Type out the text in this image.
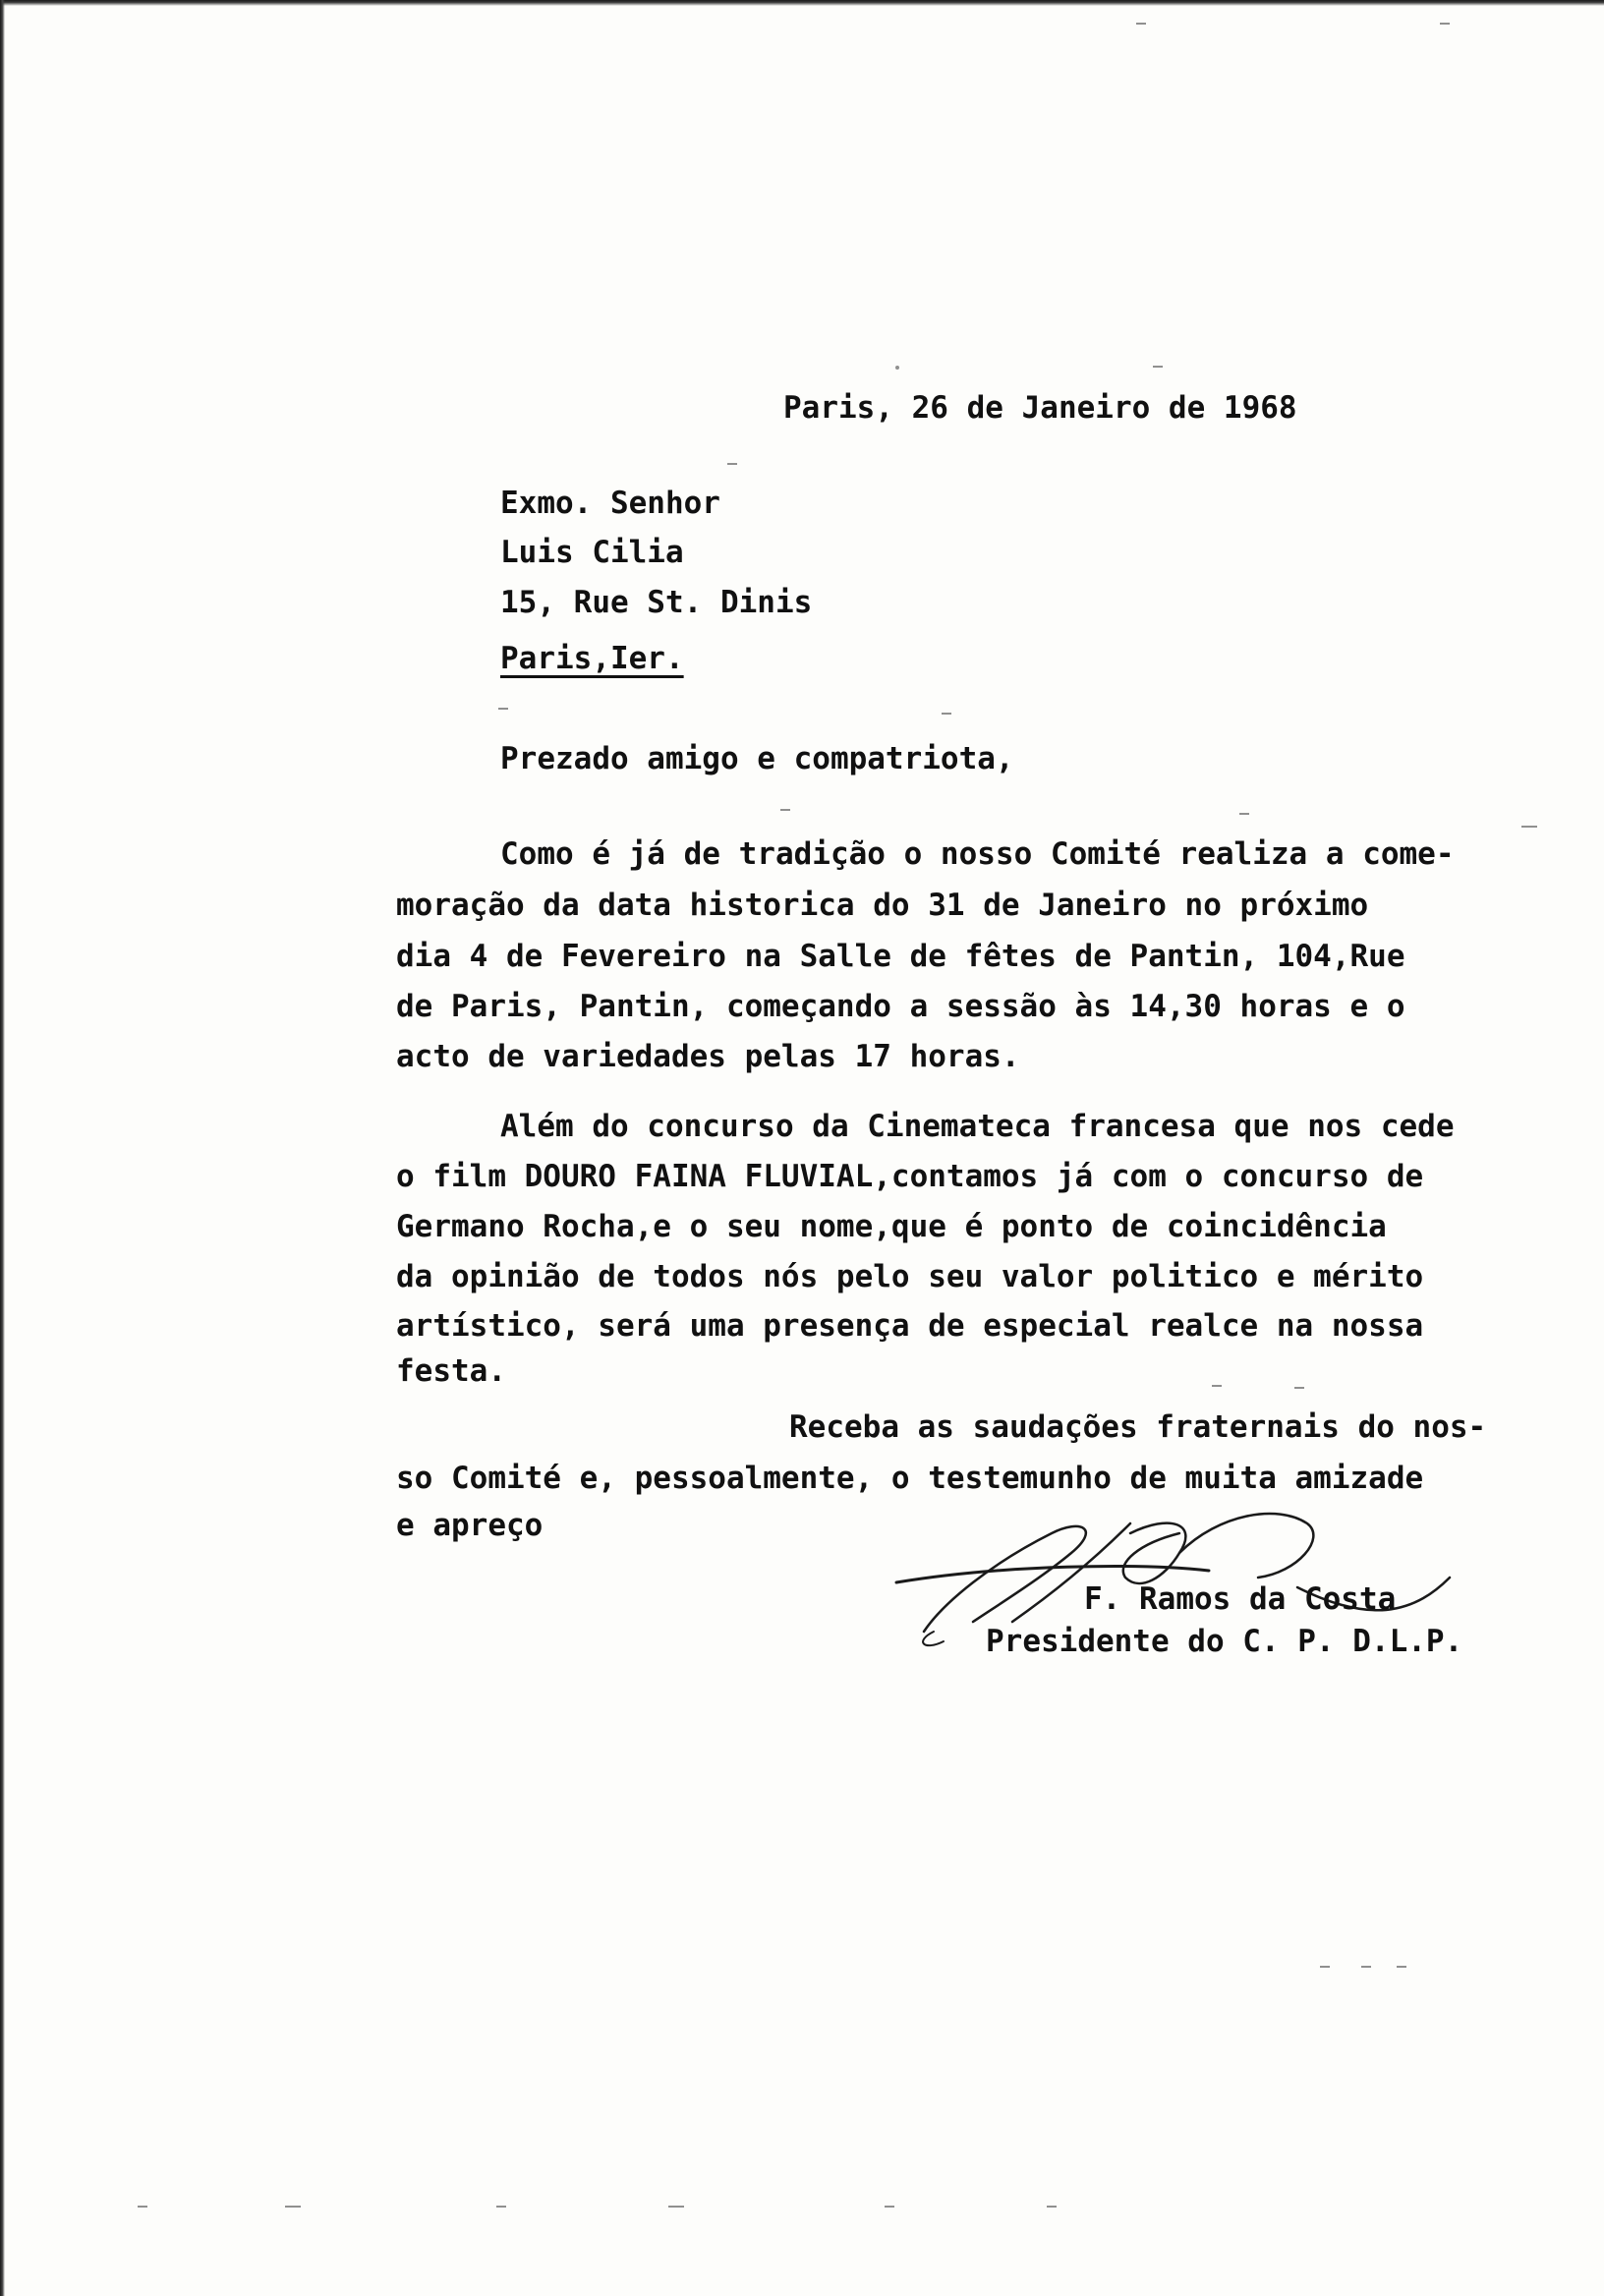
Paris, 26 de Janeiro de 1968
Exmo. Senhor
Luis Cilia
15, Rue St. Dinis
Paris,Ier.
Prezado amigo e compatriota,
Como é já de tradição o nosso Comité realiza a come-
moração da data historica do 31 de Janeiro no próximo
dia 4 de Fevereiro na Salle de fêtes de Pantin, 104,Rue
de Paris, Pantin, começando a sessão às 14,30 horas e o
acto de variedades pelas 17 horas.
Além do concurso da Cinemateca francesa que nos cede
o film DOURO FAINA FLUVIAL,contamos já com o concurso de
Germano Rocha,e o seu nome,que é ponto de coincidência
da opinião de todos nós pelo seu valor politico e mérito
artístico, será uma presença de especial realce na nossa
festa.
Receba as saudações fraternais do nos-
so Comité e, pessoalmente, o testemunho de muita amizade
e apreço
F. Ramos da Costa
Presidente do C. P. D.L.P.
